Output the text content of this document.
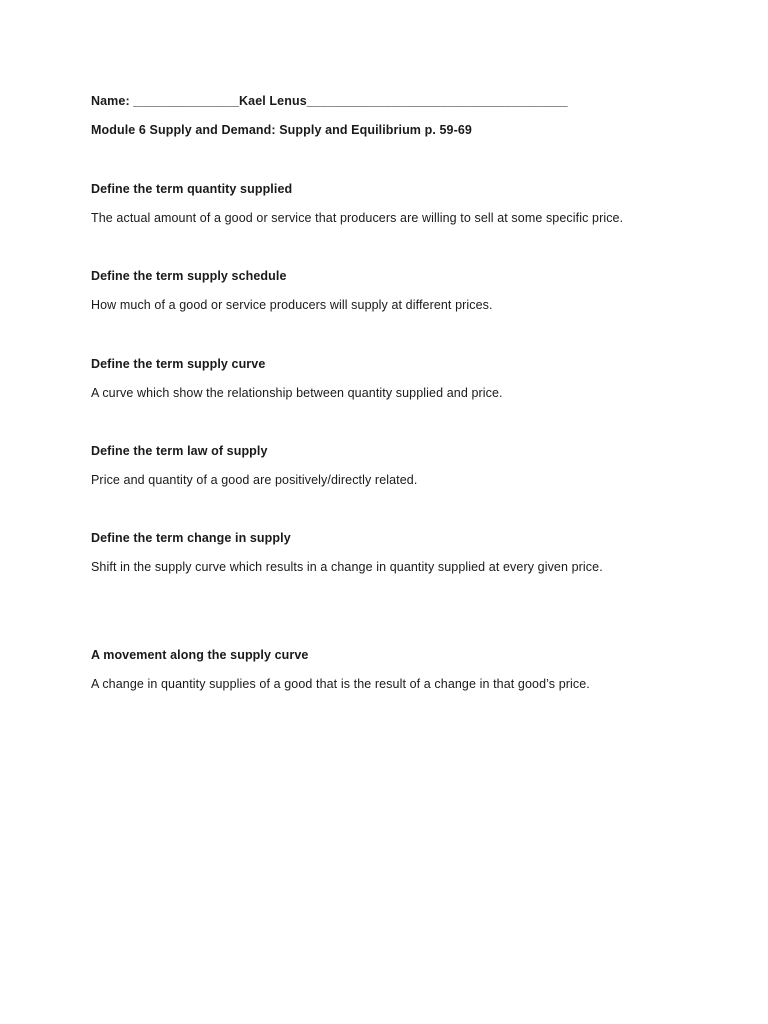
Name: _______________Kael Lenus_____________________________________
Module 6 Supply and Demand: Supply and Equilibrium p. 59-69
Define the term quantity supplied
The actual amount of a good or service that producers are willing to sell at some specific price.
Define the term supply schedule
How much of a good or service producers will supply at different prices.
Define the term supply curve
A curve which show the relationship between quantity supplied and price.
Define the term law of supply
Price and quantity of a good are positively/directly related.
Define the term change in supply
Shift in the supply curve which results in a change in quantity supplied at every given price.
A movement along the supply curve
A change in quantity supplies of a good that is the result of a change in that good’s price.
